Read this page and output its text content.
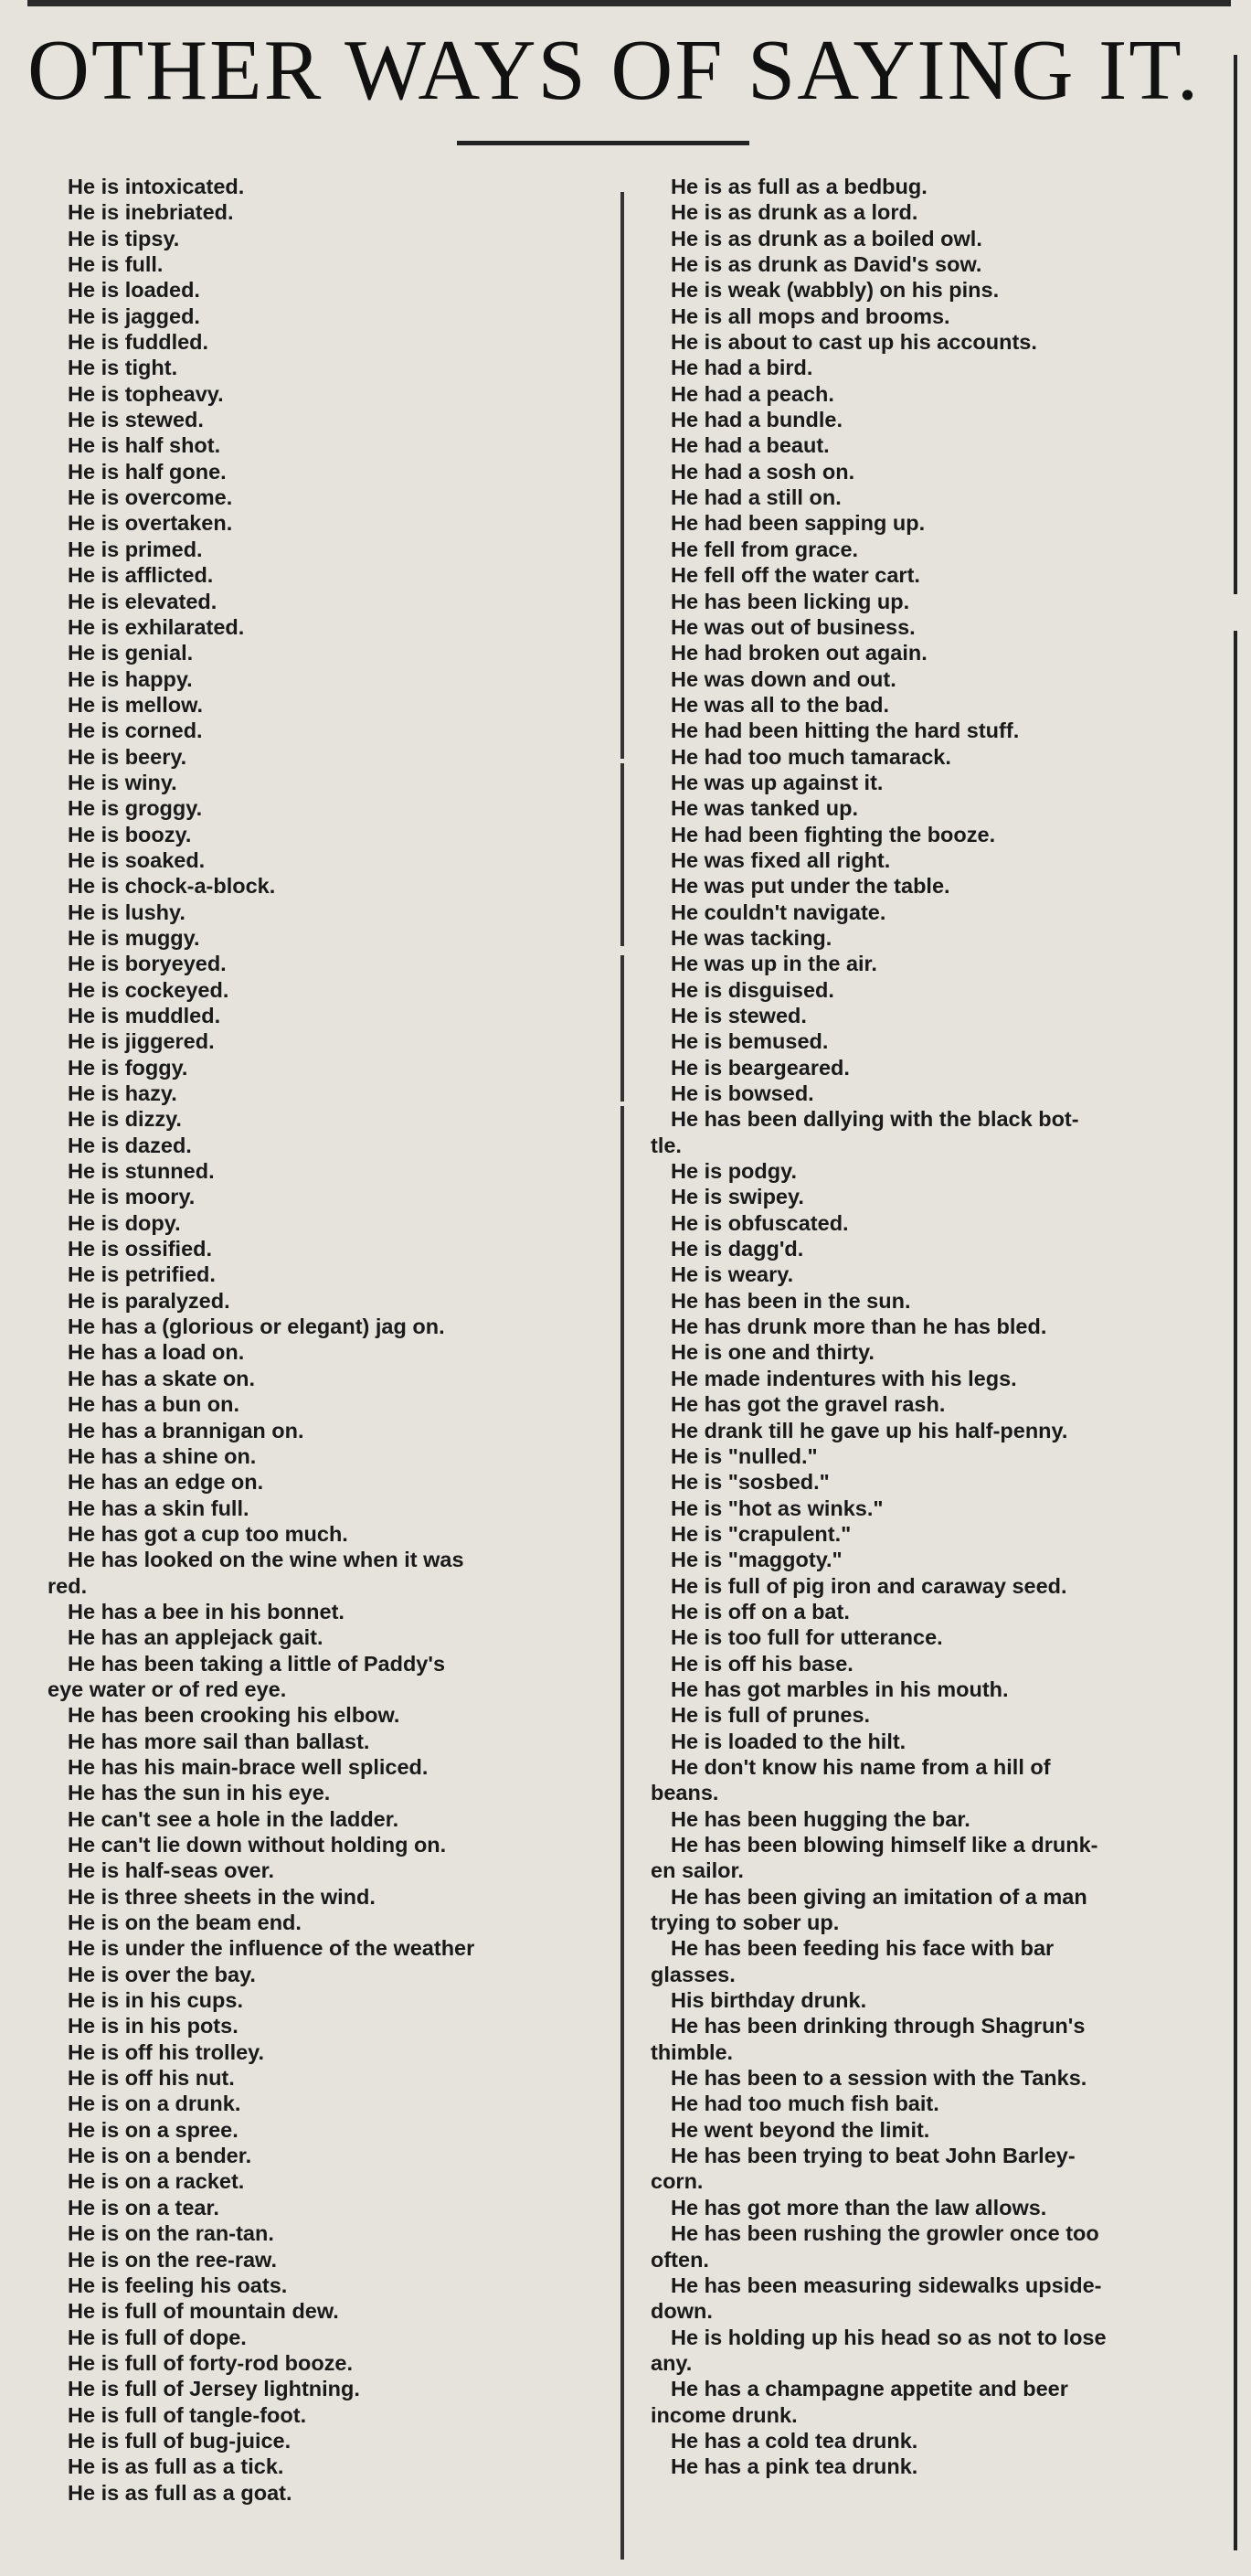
OTHER WAYS OF SAYING IT.
He is intoxicated.
He is inebriated.
He is tipsy.
He is full.
He is loaded.
He is jagged.
He is fuddled.
He is tight.
He is topheavy.
He is stewed.
He is half shot.
He is half gone.
He is overcome.
He is overtaken.
He is primed.
He is afflicted.
He is elevated.
He is exhilarated.
He is genial.
He is happy.
He is mellow.
He is corned.
He is beery.
He is winy.
He is groggy.
He is boozy.
He is soaked.
He is chock-a-block.
He is lushy.
He is muggy.
He is boryeyed.
He is cockeyed.
He is muddled.
He is jiggered.
He is foggy.
He is hazy.
He is dizzy.
He is dazed.
He is stunned.
He is moory.
He is dopy.
He is ossified.
He is petrified.
He is paralyzed.
He has a (glorious or elegant) jag on.
He has a load on.
He has a skate on.
He has a bun on.
He has a brannigan on.
He has a shine on.
He has an edge on.
He has a skin full.
He has got a cup too much.
He has looked on the wine when it was
red.
He has a bee in his bonnet.
He has an applejack gait.
He has been taking a little of Paddy's
eye water or of red eye.
He has been crooking his elbow.
He has more sail than ballast.
He has his main-brace well spliced.
He has the sun in his eye.
He can't see a hole in the ladder.
He can't lie down without holding on.
He is half-seas over.
He is three sheets in the wind.
He is on the beam end.
He is under the influence of the weather
He is over the bay.
He is in his cups.
He is in his pots.
He is off his trolley.
He is off his nut.
He is on a drunk.
He is on a spree.
He is on a bender.
He is on a racket.
He is on a tear.
He is on the ran-tan.
He is on the ree-raw.
He is feeling his oats.
He is full of mountain dew.
He is full of dope.
He is full of forty-rod booze.
He is full of Jersey lightning.
He is full of tangle-foot.
He is full of bug-juice.
He is as full as a tick.
He is as full as a goat.
He is as full as a bedbug.
He is as drunk as a lord.
He is as drunk as a boiled owl.
He is as drunk as David's sow.
He is weak (wabbly) on his pins.
He is all mops and brooms.
He is about to cast up his accounts.
He had a bird.
He had a peach.
He had a bundle.
He had a beaut.
He had a sosh on.
He had a still on.
He had been sapping up.
He fell from grace.
He fell off the water cart.
He has been licking up.
He was out of business.
He had broken out again.
He was down and out.
He was all to the bad.
He had been hitting the hard stuff.
He had too much tamarack.
He was up against it.
He was tanked up.
He had been fighting the booze.
He was fixed all right.
He was put under the table.
He couldn't navigate.
He was tacking.
He was up in the air.
He is disguised.
He is stewed.
He is bemused.
He is beargeared.
He is bowsed.
He has been dallying with the black bot-
tle.
He is podgy.
He is swipey.
He is obfuscated.
He is dagg'd.
He is weary.
He has been in the sun.
He has drunk more than he has bled.
He is one and thirty.
He made indentures with his legs.
He has got the gravel rash.
He drank till he gave up his half-penny.
He is "nulled."
He is "sosbed."
He is "hot as winks."
He is "crapulent."
He is "maggoty."
He is full of pig iron and caraway seed.
He is off on a bat.
He is too full for utterance.
He is off his base.
He has got marbles in his mouth.
He is full of prunes.
He is loaded to the hilt.
He don't know his name from a hill of
beans.
He has been hugging the bar.
He has been blowing himself like a drunk-
en sailor.
He has been giving an imitation of a man
trying to sober up.
He has been feeding his face with bar
glasses.
His birthday drunk.
He has been drinking through Shagrun's
thimble.
He has been to a session with the Tanks.
He had too much fish bait.
He went beyond the limit.
He has been trying to beat John Barley-
corn.
He has got more than the law allows.
He has been rushing the growler once too
often.
He has been measuring sidewalks upside-
down.
He is holding up his head so as not to lose
any.
He has a champagne appetite and beer
income drunk.
He has a cold tea drunk.
He has a pink tea drunk.
